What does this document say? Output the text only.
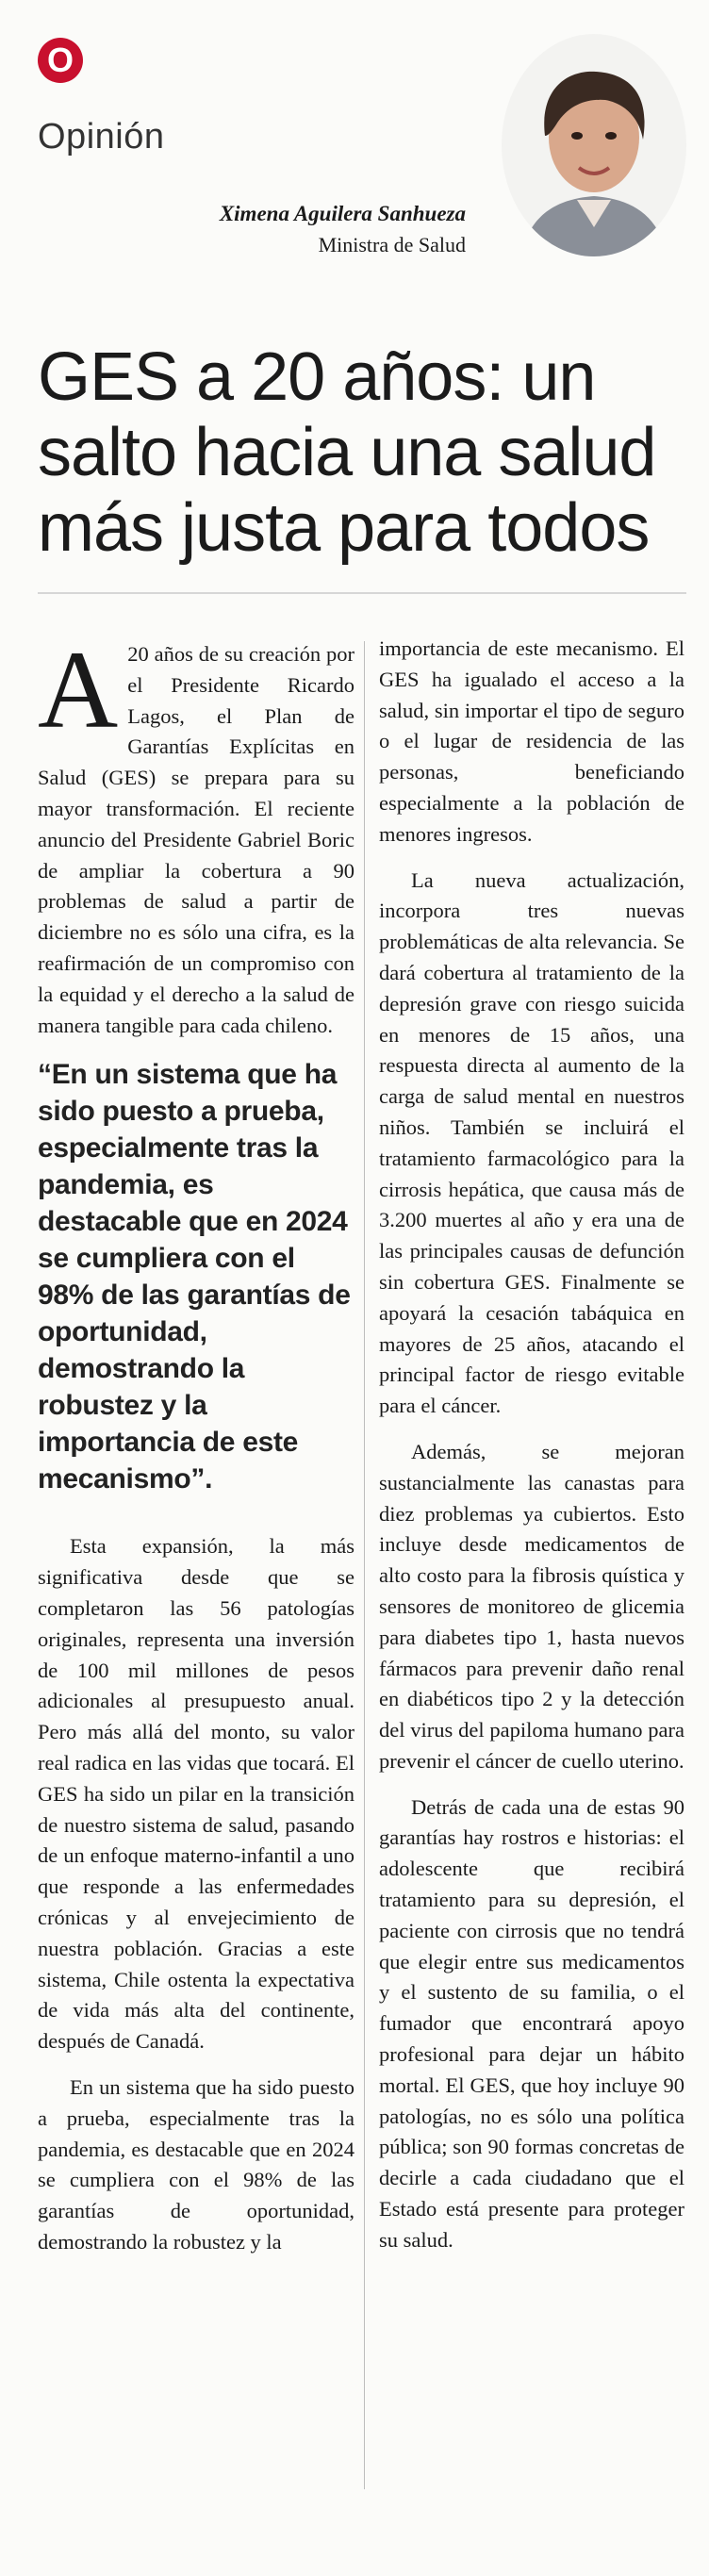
O
Opinión
Ximena Aguilera Sanhueza
Ministra de Salud
GES a 20 años: un salto hacia una salud más justa para todos

A 20 años de su creación por el Presidente Ricardo Lagos, el Plan de Garantías Explícitas en Salud (GES) se prepara para su mayor transformación. El reciente anuncio del Presidente Gabriel Boric de ampliar la cobertura a 90 problemas de salud a partir de diciembre no es sólo una cifra, es la reafirmación de un compromiso con la equidad y el derecho a la salud de manera tangible para cada chileno.

“En un sistema que ha sido puesto a prueba, especialmente tras la pandemia, es destacable que en 2024 se cumpliera con el 98% de las garantías de oportunidad, demostrando la robustez y la importancia de este mecanismo”.

Esta expansión, la más significativa desde que se completaron las 56 patologías originales, representa una inversión de 100 mil millones de pesos adicionales al presupuesto anual. Pero más allá del monto, su valor real radica en las vidas que tocará. El GES ha sido un pilar en la transición de nuestro sistema de salud, pasando de un enfoque materno-infantil a uno que responde a las enfermedades crónicas y al envejecimiento de nuestra población. Gracias a este sistema, Chile ostenta la expectativa de vida más alta del continente, después de Canadá.

En un sistema que ha sido puesto a prueba, especialmente tras la pandemia, es destacable que en 2024 se cumpliera con el 98% de las garantías de oportunidad, demostrando la robustez y la

importancia de este mecanismo. El GES ha igualado el acceso a la salud, sin importar el tipo de seguro o el lugar de residencia de las personas, beneficiando especialmente a la población de menores ingresos.

La nueva actualización, incorpora tres nuevas problemáticas de alta relevancia. Se dará cobertura al tratamiento de la depresión grave con riesgo suicida en menores de 15 años, una respuesta directa al aumento de la carga de salud mental en nuestros niños. También se incluirá el tratamiento farmacológico para la cirrosis hepática, que causa más de 3.200 muertes al año y era una de las principales causas de defunción sin cobertura GES. Finalmente se apoyará la cesación tabáquica en mayores de 25 años, atacando el principal factor de riesgo evitable para el cáncer.

Además, se mejoran sustancialmente las canastas para diez problemas ya cubiertos. Esto incluye desde medicamentos de alto costo para la fibrosis quística y sensores de monitoreo de glicemia para diabetes tipo 1, hasta nuevos fármacos para prevenir daño renal en diabéticos tipo 2 y la detección del virus del papiloma humano para prevenir el cáncer de cuello uterino.

Detrás de cada una de estas 90 garantías hay rostros e historias: el adolescente que recibirá tratamiento para su depresión, el paciente con cirrosis que no tendrá que elegir entre sus medicamentos y el sustento de su familia, o el fumador que encontrará apoyo profesional para dejar un hábito mortal. El GES, que hoy incluye 90 patologías, no es sólo una política pública; son 90 formas concretas de decirle a cada ciudadano que el Estado está presente para proteger su salud.
